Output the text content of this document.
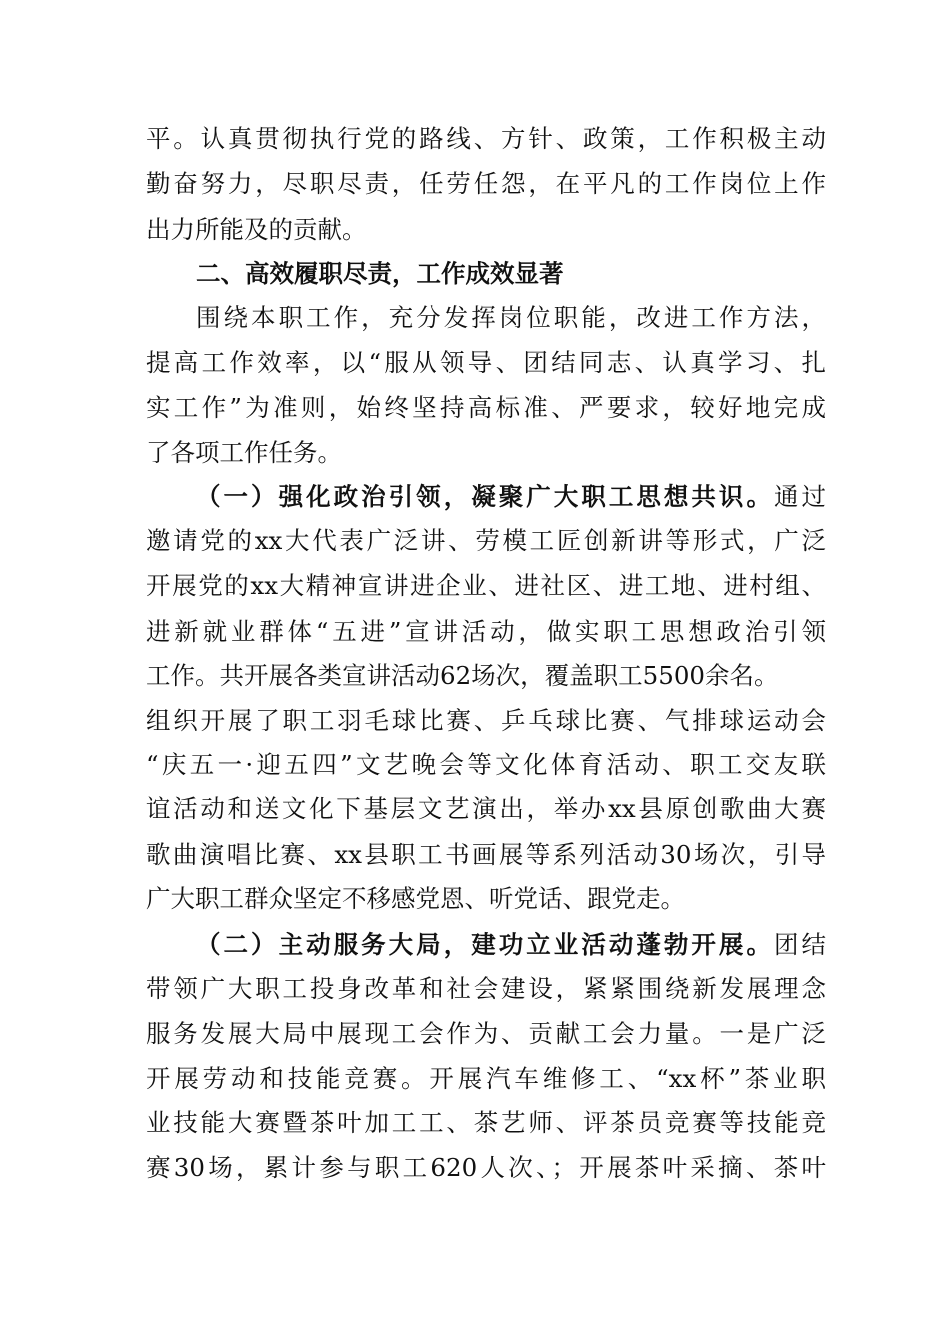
平。认真贯彻执行党的路线、方针、政策，工作积极主动
勤奋努力，尽职尽责，任劳任怨，在平凡的工作岗位上作
出力所能及的贡献。
二、高效履职尽责，工作成效显著
围绕本职工作，充分发挥岗位职能，改进工作方法，
提高工作效率，以“服从领导、团结同志、认真学习、扎
实工作”为准则，始终坚持高标准、严要求，较好地完成
了各项工作任务。
（一）强化政治引领，凝聚广大职工思想共识。通过
邀请党的xx大代表广泛讲、劳模工匠创新讲等形式，广泛
开展党的xx大精神宣讲进企业、进社区、进工地、进村组、
进新就业群体“五进”宣讲活动，做实职工思想政治引领
工作。共开展各类宣讲活动62场次，覆盖职工5500余名。
组织开展了职工羽毛球比赛、乒乓球比赛、气排球运动会
“庆五一·迎五四”文艺晚会等文化体育活动、职工交友联
谊活动和送文化下基层文艺演出，举办xx县原创歌曲大赛
歌曲演唱比赛、xx县职工书画展等系列活动30场次，引导
广大职工群众坚定不移感党恩、听党话、跟党走。
（二）主动服务大局，建功立业活动蓬勃开展。团结
带领广大职工投身改革和社会建设，紧紧围绕新发展理念
服务发展大局中展现工会作为、贡献工会力量。一是广泛
开展劳动和技能竞赛。开展汽车维修工、“xx杯”茶业职
业技能大赛暨茶叶加工工、茶艺师、评茶员竞赛等技能竞
赛30场，累计参与职工620人次、；开展茶叶采摘、茶叶
